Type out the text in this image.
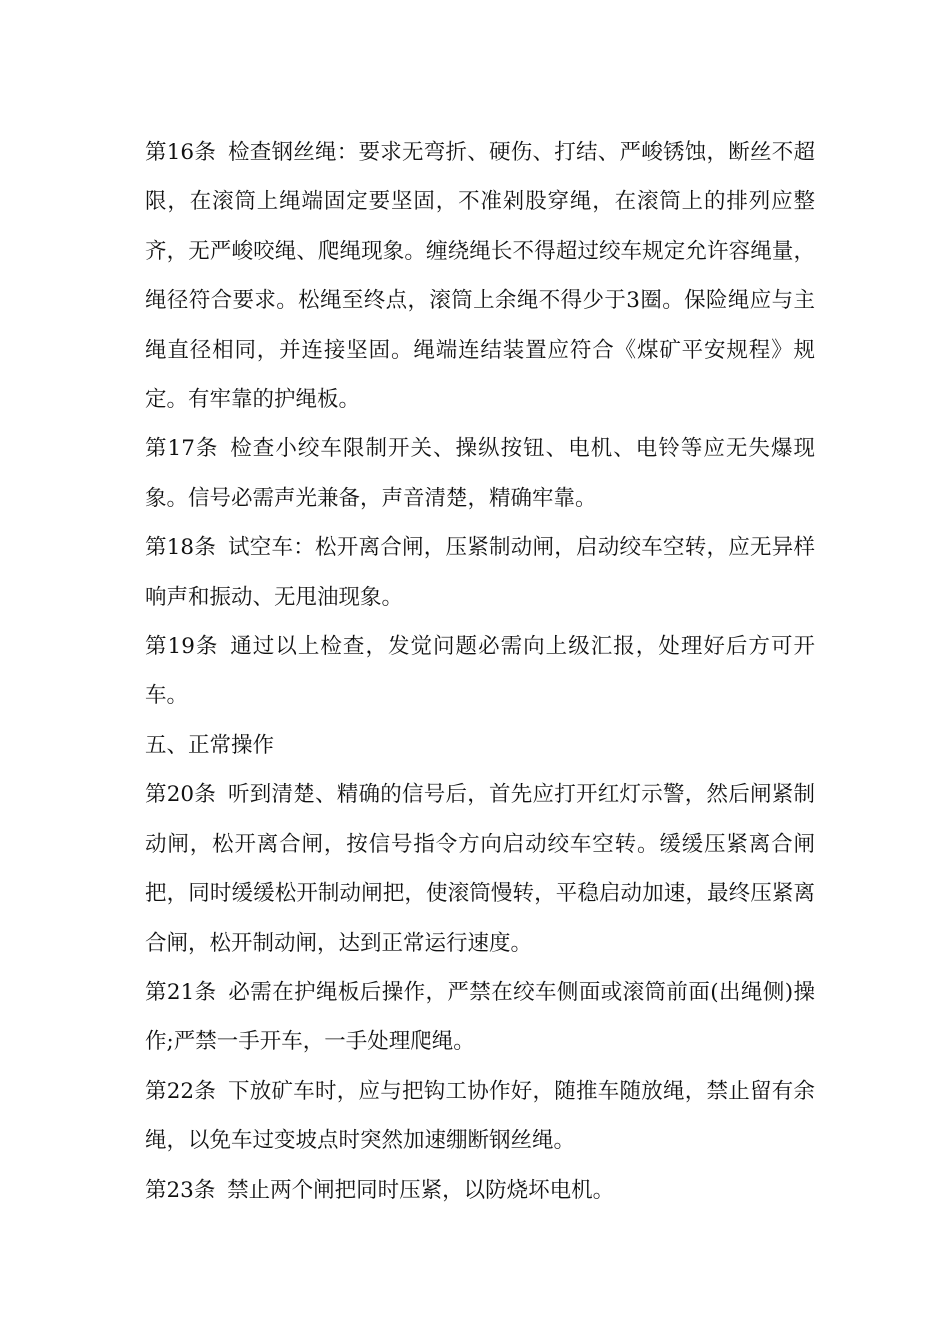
第16条 检查钢丝绳：要求无弯折、硬伤、打结、严峻锈蚀，断丝不超限，在滚筒上绳端固定要坚固，不准剁股穿绳，在滚筒上的排列应整齐，无严峻咬绳、爬绳现象。缠绕绳长不得超过绞车规定允许容绳量，绳径符合要求。松绳至终点，滚筒上余绳不得少于3圈。保险绳应与主绳直径相同，并连接坚固。绳端连结装置应符合《煤矿平安规程》规定。有牢靠的护绳板。

第17条 检查小绞车限制开关、操纵按钮、电机、电铃等应无失爆现象。信号必需声光兼备，声音清楚，精确牢靠。

第18条 试空车：松开离合闸，压紧制动闸，启动绞车空转，应无异样响声和振动、无甩油现象。

第19条 通过以上检查，发觉问题必需向上级汇报，处理好后方可开车。

五、正常操作

第20条 听到清楚、精确的信号后，首先应打开红灯示警，然后闸紧制动闸，松开离合闸，按信号指令方向启动绞车空转。缓缓压紧离合闸把，同时缓缓松开制动闸把，使滚筒慢转，平稳启动加速，最终压紧离合闸，松开制动闸，达到正常运行速度。

第21条 必需在护绳板后操作，严禁在绞车侧面或滚筒前面(出绳侧)操作;严禁一手开车，一手处理爬绳。

第22条 下放矿车时，应与把钩工协作好，随推车随放绳，禁止留有余绳，以免车过变坡点时突然加速绷断钢丝绳。

第23条 禁止两个闸把同时压紧，以防烧坏电机。
